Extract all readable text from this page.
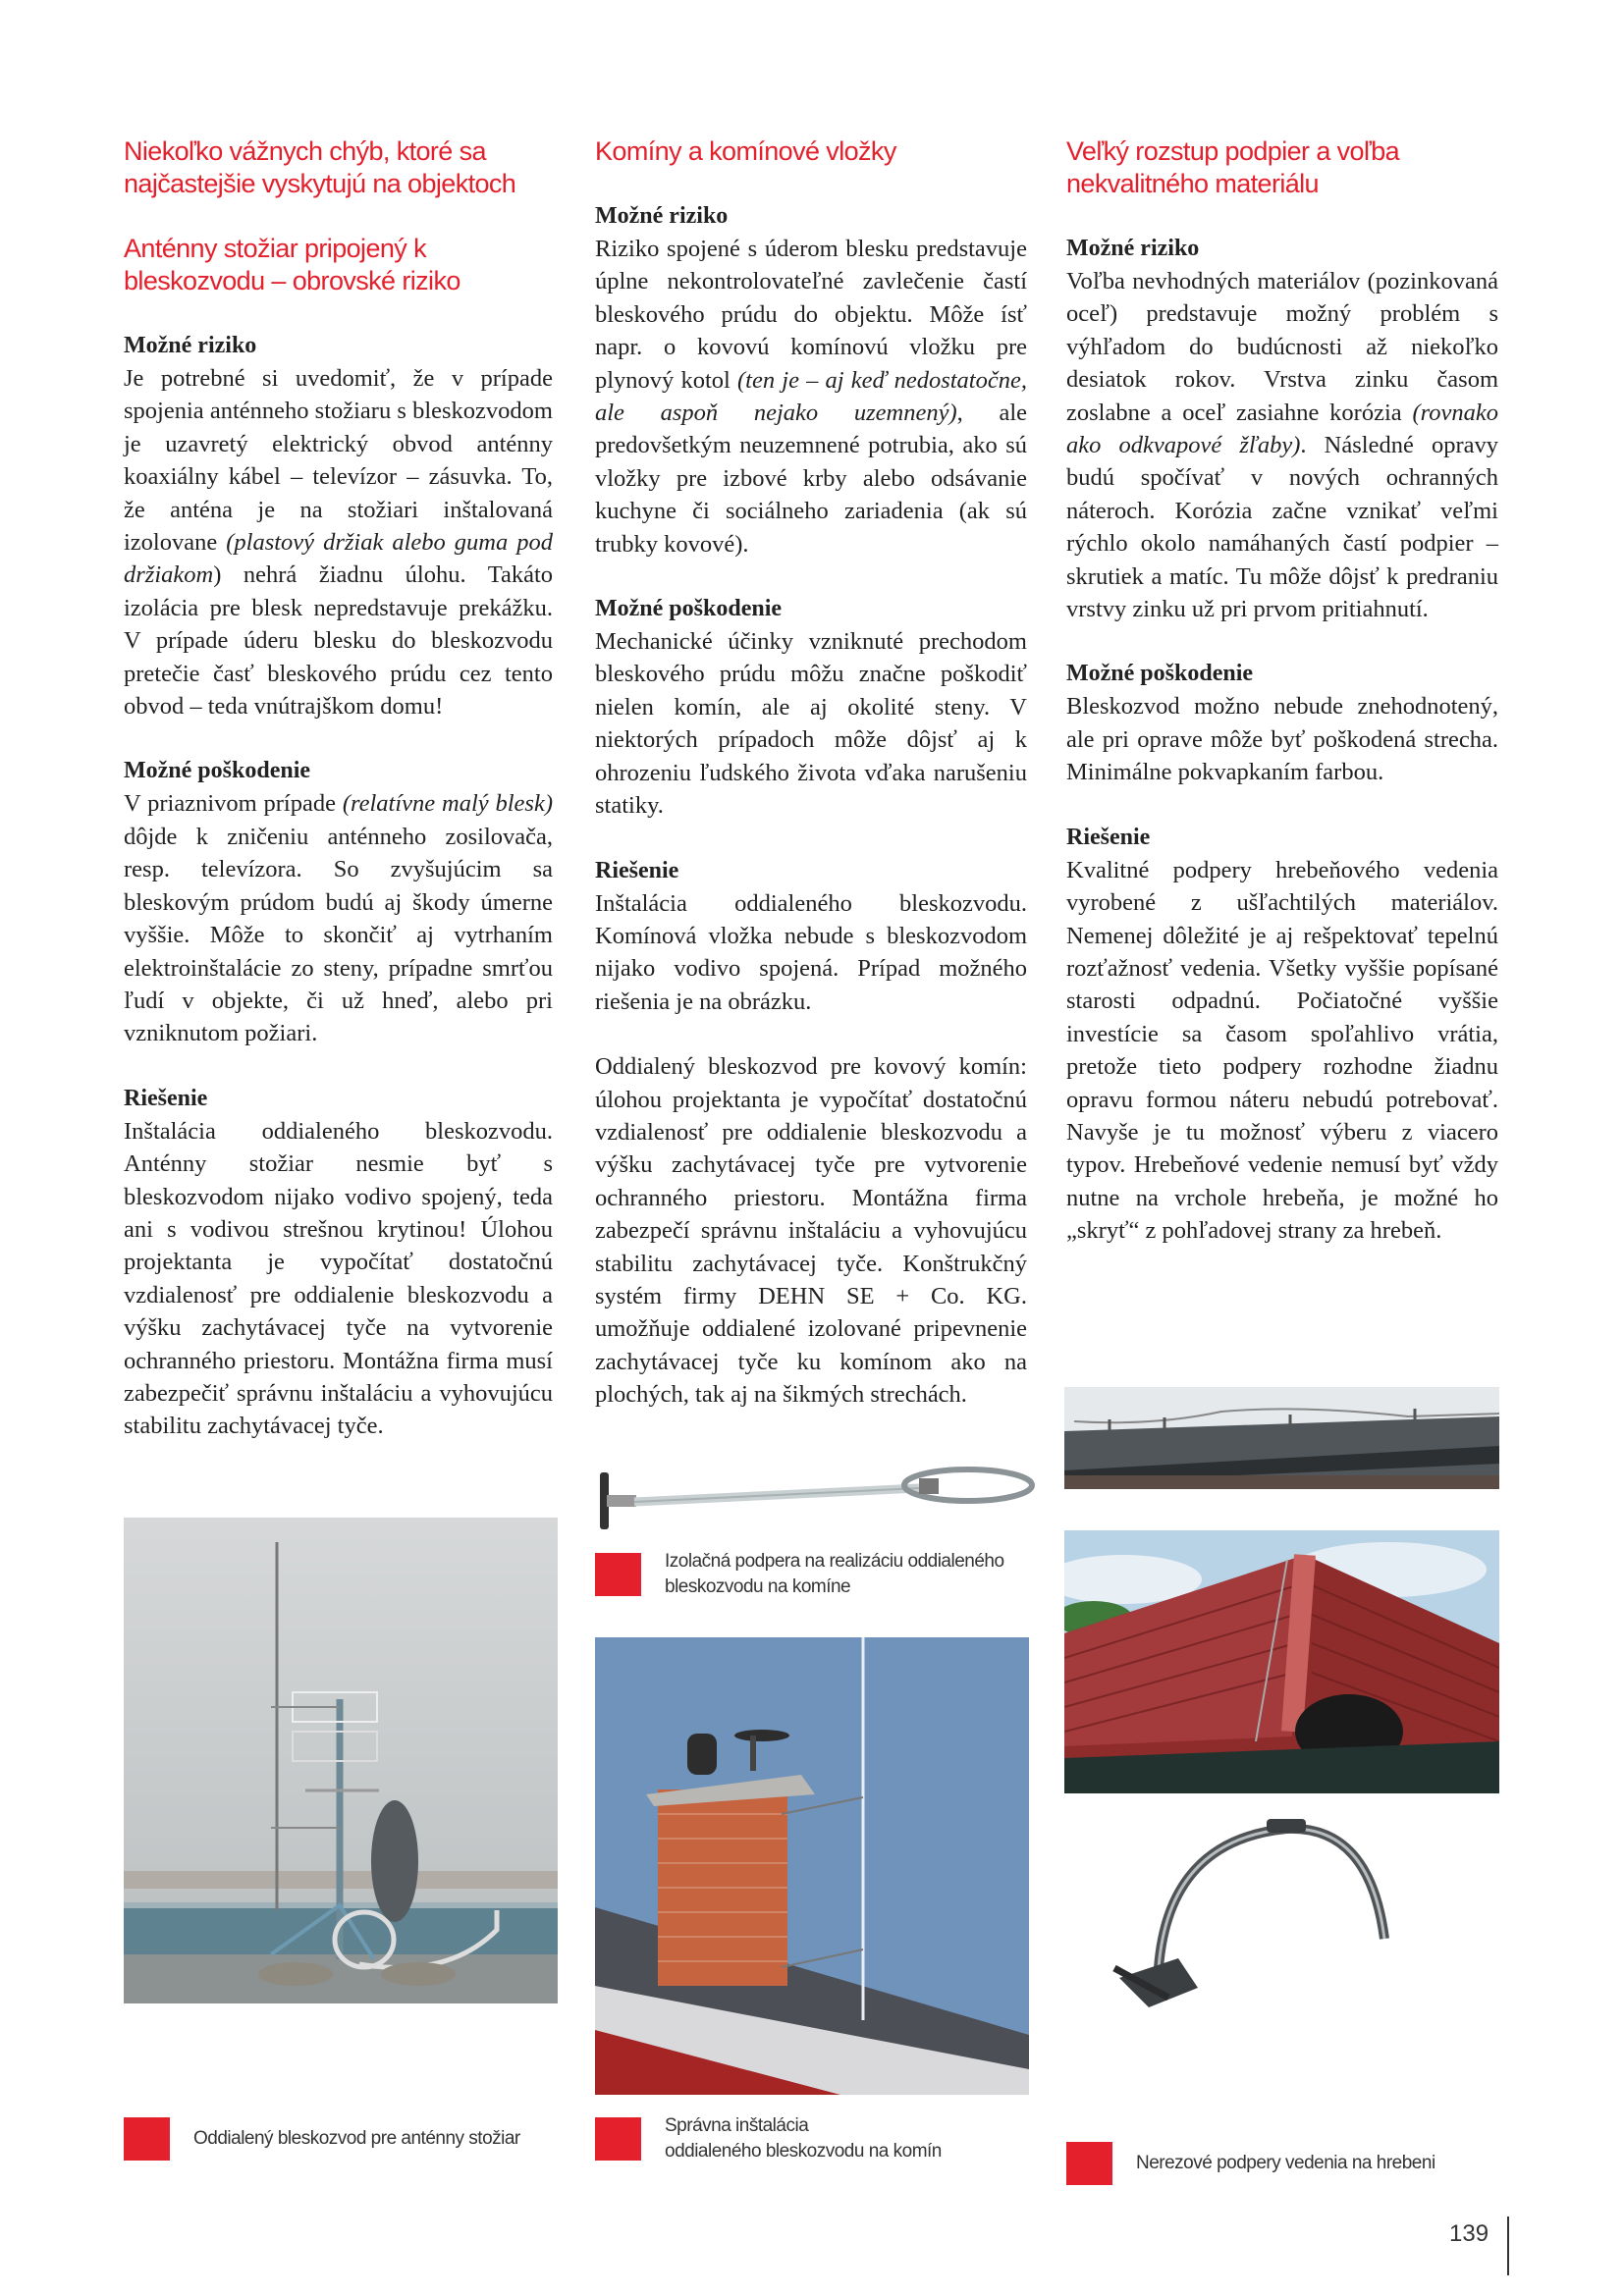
Niekoľko vážnych chýb, ktoré sa najčastejšie vyskytujú na objektoch
Anténny stožiar pripojený k bleskozvodu – obrovské riziko
Možné riziko

Je potrebné si uvedomiť, že v prípade spojenia anténneho stožiaru s bleskozvodom je uzavretý elektrický obvod anténny koaxiálny kábel – televízor – zásuvka. To, že anténa je na stožiari inštalovaná izolovane (plastový držiak alebo guma pod držiakom) nehrá žiadnu úlohu. Takáto izolácia pre blesk nepredstavuje prekážku. V prípade úderu blesku do bleskozvodu pretečie časť bleskového prúdu cez tento obvod – teda vnútrajškom domu!

Možné poškodenie

V priaznivom prípade (relatívne malý blesk) dôjde k zničeniu anténneho zosilovača, resp. televízora. So zvyšujúcim sa bleskovým prúdom budú aj škody úmerne vyššie. Môže to skončiť aj vytrhaním elektroinštalácie zo steny, prípadne smrťou ľudí v objekte, či už hneď, alebo pri vzniknutom požiari.

Riešenie

Inštalácia oddialeného bleskozvodu. Anténny stožiar nesmie byť s bleskozvodom nijako vodivo spojený, teda ani s vodivou strešnou krytinou! Úlohou projektanta je vypočítať dostatočnú vzdialenosť pre oddialenie bleskozvodu a výšku zachytávacej tyče na vytvorenie ochranného priestoru. Montážna firma musí zabezpečiť správnu inštaláciu a vyhovujúcu stabilitu zachytávacej tyče.

Komíny a komínové vložky
Možné riziko

Riziko spojené s úderom blesku predstavuje úplne nekontrolovateľné zavlečenie častí bleskového prúdu do objektu. Môže ísť napr. o kovovú komínovú vložku pre plynový kotol (ten je – aj keď nedostatočne, ale aspoň nejako uzemnený), ale predovšetkým neuzemnené potrubia, ako sú vložky pre izbové krby alebo odsávanie kuchyne či sociálneho zariadenia (ak sú trubky kovové).

Možné poškodenie

Mechanické účinky vzniknuté prechodom bleskového prúdu môžu značne poškodiť nielen komín, ale aj okolité steny. V niektorých prípadoch môže dôjsť aj k ohrozeniu ľudského života vďaka narušeniu statiky.

Riešenie

Inštalácia oddialeného bleskozvodu. Komínová vložka nebude s bleskozvodom nijako vodivo spojená. Prípad možného riešenia je na obrázku.

Oddialený bleskozvod pre kovový komín: úlohou projektanta je vypočítať dostatočnú vzdialenosť pre oddialenie bleskozvodu a výšku zachytávacej tyče pre vytvorenie ochranného priestoru. Montážna firma zabezpečí správnu inštaláciu a vyhovujúcu stabilitu zachytávacej tyče. Konštrukčný systém firmy DEHN SE + Co. KG. umožňuje oddialené izolované pripevnenie zachytávacej tyče ku komínom ako na plochých, tak aj na šikmých strechách.

Veľký rozstup podpier a voľba nekvalitného materiálu
Možné riziko

Voľba nevhodných materiálov (pozinkovaná oceľ) predstavuje možný problém s výhľadom do budúcnosti až niekoľko desiatok rokov. Vrstva zinku časom zoslabne a oceľ zasiahne korózia (rovnako ako odkvapové žľaby). Následné opravy budú spočívať v nových ochranných náteroch. Korózia začne vznikať veľmi rýchlo okolo namáhaných častí podpier – skrutiek a matíc. Tu môže dôjsť k predraniu vrstvy zinku už pri prvom pritiahnutí.

Možné poškodenie

Bleskozvod možno nebude znehodnotený, ale pri oprave môže byť poškodená strecha. Minimálne pokvapkaním farbou.

Riešenie

Kvalitné podpery hrebeňového vedenia vyrobené z ušľachtilých materiálov. Nemenej dôležité je aj rešpektovať tepelnú rozťažnosť vedenia. Všetky vyššie popísané starosti odpadnú. Počiatočné vyššie investície sa časom spoľahlivo vrátia, pretože tieto podpery rozhodne žiadnu opravu formou náteru nebudú potrebovať. Navyše je tu možnosť výberu z viacero typov. Hrebeňové vedenie nemusí byť vždy nutne na vrchole hrebeňa, je možné ho „skryť“ z pohľadovej strany za hrebeň.

Oddialený bleskozvod pre anténny stožiar
Izolačná podpera na realizáciu oddialeného
bleskozvodu na komíne
Správna inštalácia
oddialeného bleskozvodu na komín
Nerezové podpery vedenia na hrebeni
139
